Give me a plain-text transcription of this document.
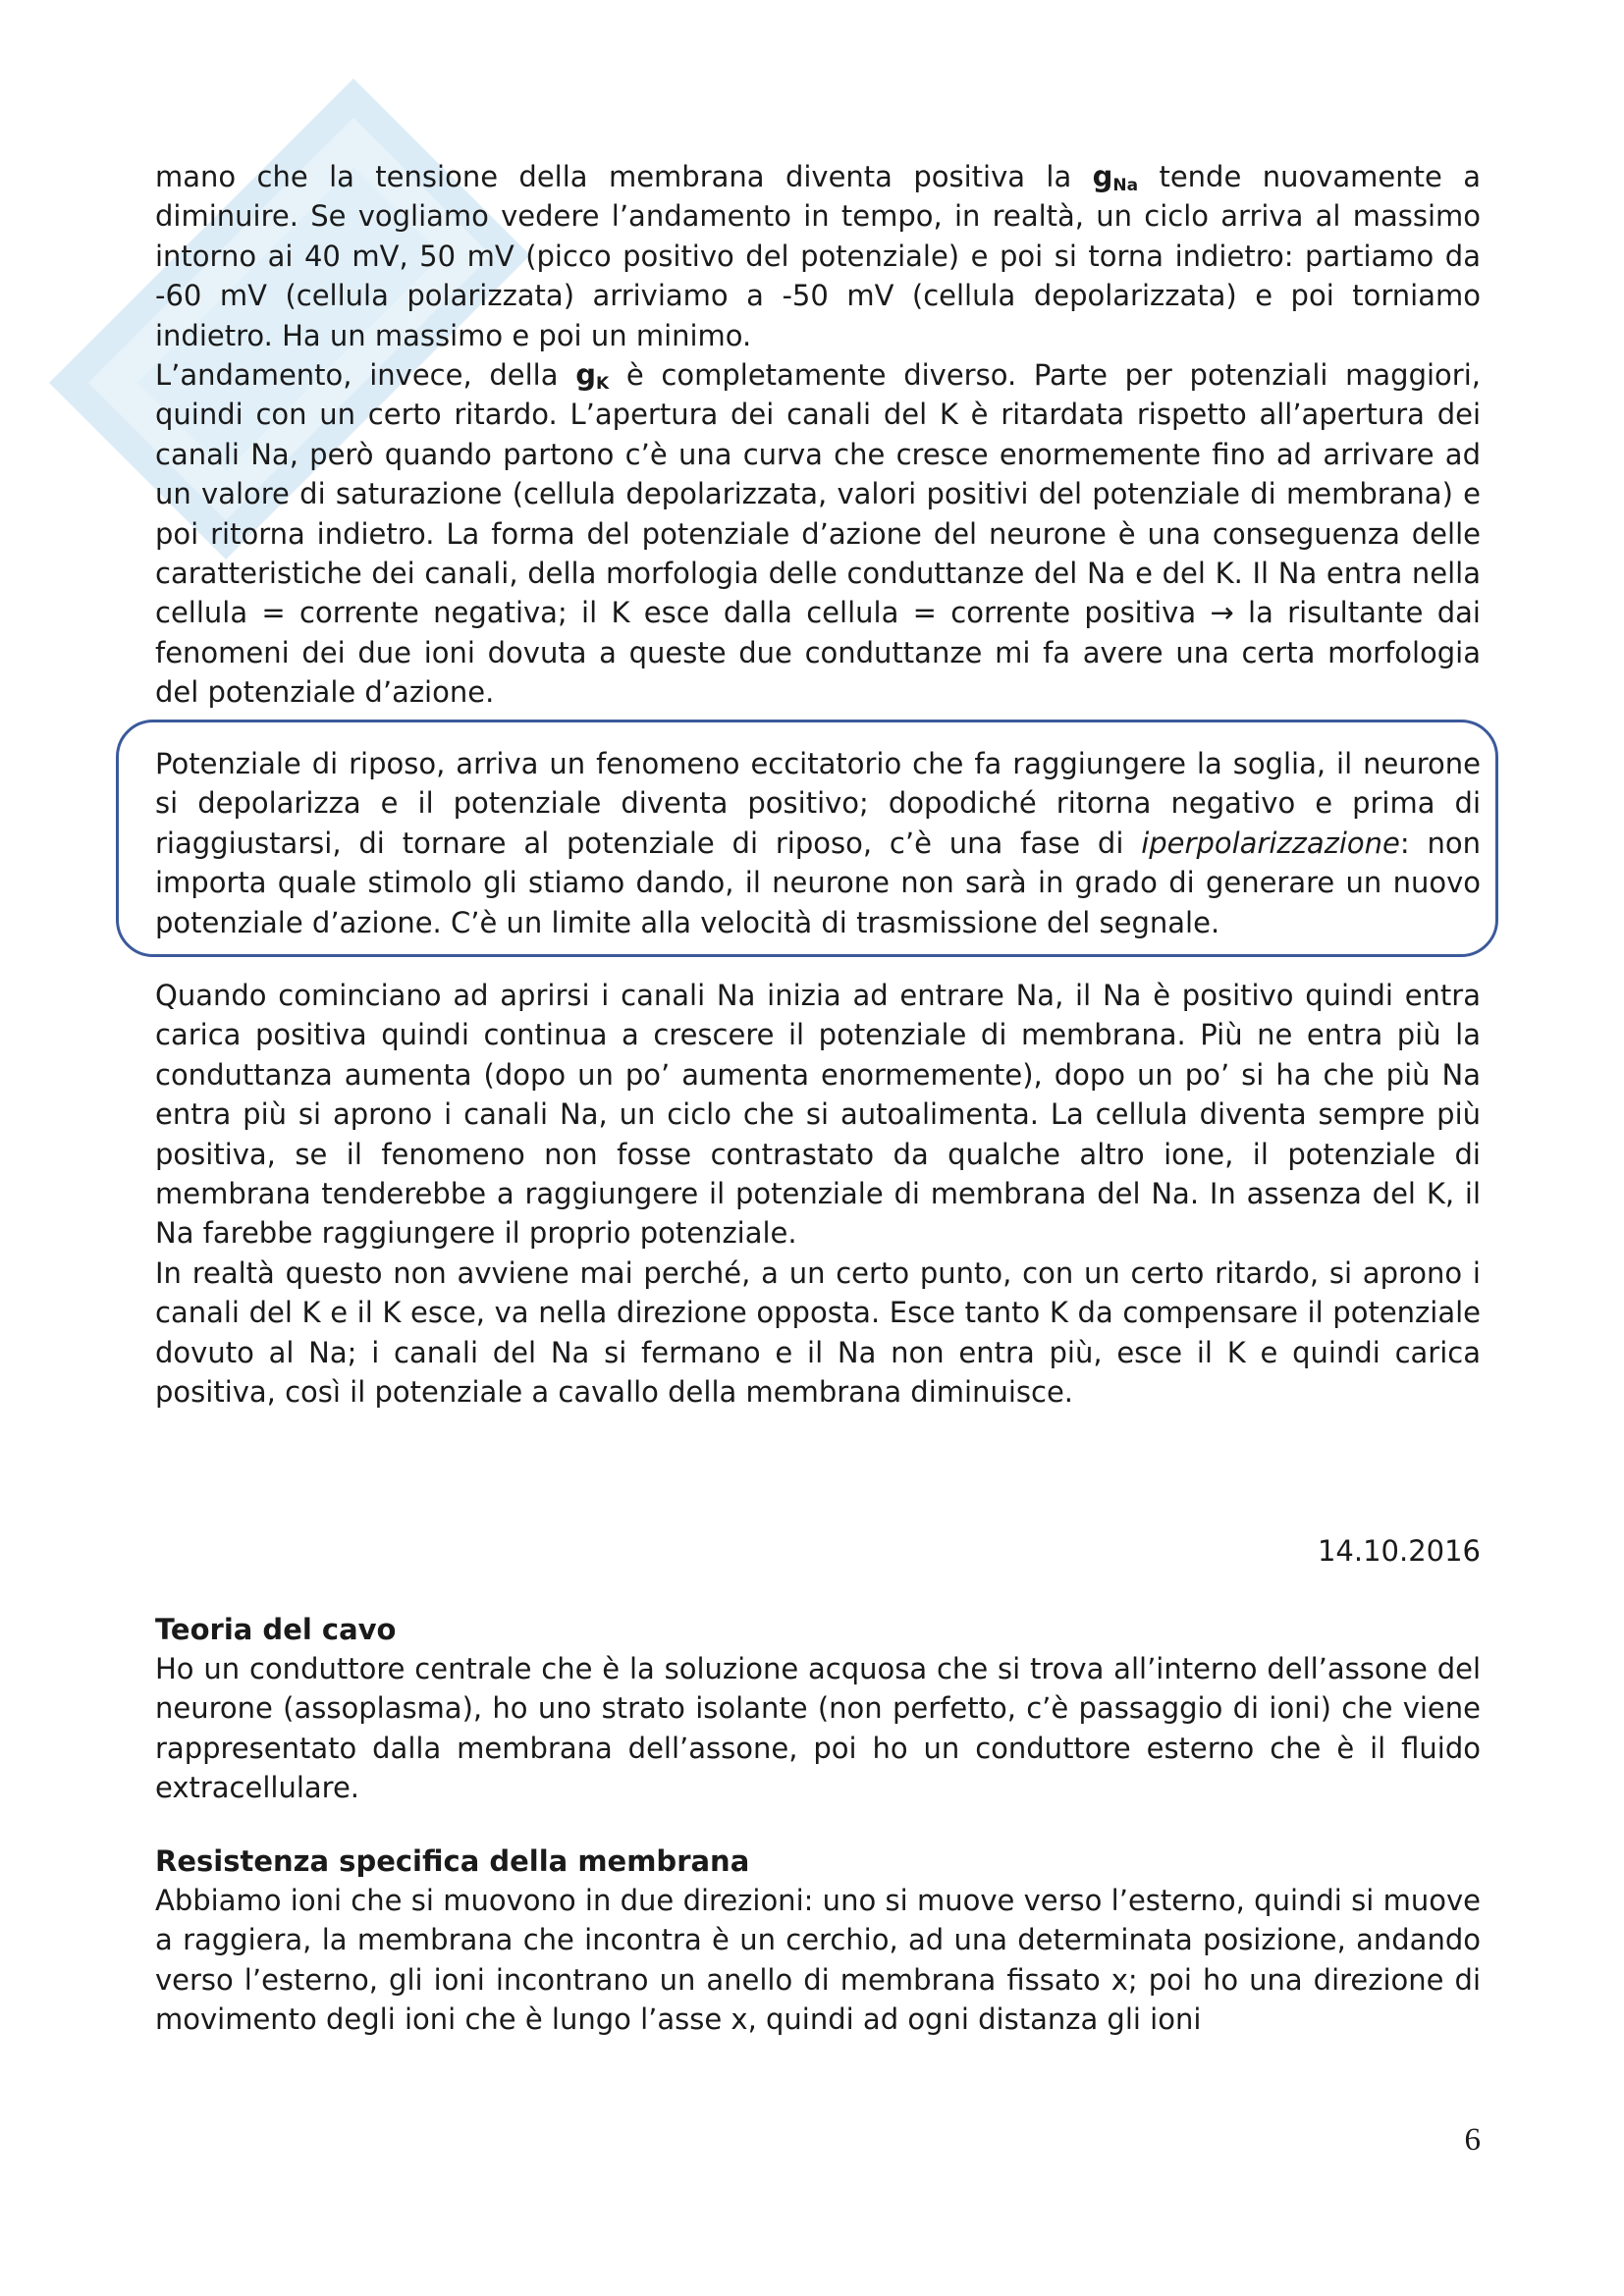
mano che la tensione della membrana diventa positiva la $g_{Na}$ tende nuovamente a diminuire. Se vogliamo vedere l’andamento in tempo, in realtà, un ciclo arriva al massimo intorno ai 40 mV, 50 mV (picco positivo del potenziale) e poi si torna indietro: partiamo da -60 mV (cellula polarizzata) arriviamo a -50 mV (cellula depolarizzata) e poi torniamo indietro. Ha un massimo e poi un minimo.

L’andamento, invece, della $g_K$ è completamente diverso. Parte per potenziali maggiori, quindi con un certo ritardo. L’apertura dei canali del K è ritardata rispetto all’apertura dei canali Na, però quando partono c’è una curva che cresce enormemente fino ad arrivare ad un valore di saturazione (cellula depolarizzata, valori positivi del potenziale di membrana) e poi ritorna indietro. La forma del potenziale d’azione del neurone è una conseguenza delle caratteristiche dei canali, della morfologia delle conduttanze del Na e del K. Il Na entra nella cellula = corrente negativa; il K esce dalla cellula = corrente positiva → la risultante dai fenomeni dei due ioni dovuta a queste due conduttanze mi fa avere una certa morfologia del potenziale d’azione.

Potenziale di riposo, arriva un fenomeno eccitatorio che fa raggiungere la soglia, il neurone si depolarizza e il potenziale diventa positivo; dopodiché ritorna negativo e prima di riaggiustarsi, di tornare al potenziale di riposo, c’è una fase di iperpolarizzazione: non importa quale stimolo gli stiamo dando, il neurone non sarà in grado di generare un nuovo potenziale d’azione. C’è un limite alla velocità di trasmissione del segnale.

Quando cominciano ad aprirsi i canali Na inizia ad entrare Na, il Na è positivo quindi entra carica positiva quindi continua a crescere il potenziale di membrana. Più ne entra più la conduttanza aumenta (dopo un po’ aumenta enormemente), dopo un po’ si ha che più Na entra più si aprono i canali Na, un ciclo che si autoalimenta. La cellula diventa sempre più positiva, se il fenomeno non fosse contrastato da qualche altro ione, il potenziale di membrana tenderebbe a raggiungere il potenziale di membrana del Na. In assenza del K, il Na farebbe raggiungere il proprio potenziale.

In realtà questo non avviene mai perché, a un certo punto, con un certo ritardo, si aprono i canali del K e il K esce, va nella direzione opposta. Esce tanto K da compensare il potenziale dovuto al Na; i canali del Na si fermano e il Na non entra più, esce il K e quindi carica positiva, così il potenziale a cavallo della membrana diminuisce.

14.10.2016
Teoria del cavo

Ho un conduttore centrale che è la soluzione acquosa che si trova all’interno dell’assone del neurone (assoplasma), ho uno strato isolante (non perfetto, c’è passaggio di ioni) che viene rappresentato dalla membrana dell’assone, poi ho un conduttore esterno che è il fluido extracellulare.

Resistenza specifica della membrana

Abbiamo ioni che si muovono in due direzioni: uno si muove verso l’esterno, quindi si muove a raggiera, la membrana che incontra è un cerchio, ad una determinata posizione, andando verso l’esterno, gli ioni incontrano un anello di membrana fissato x; poi ho una direzione di movimento degli ioni che è lungo l’asse x, quindi ad ogni distanza gli ioni

6
